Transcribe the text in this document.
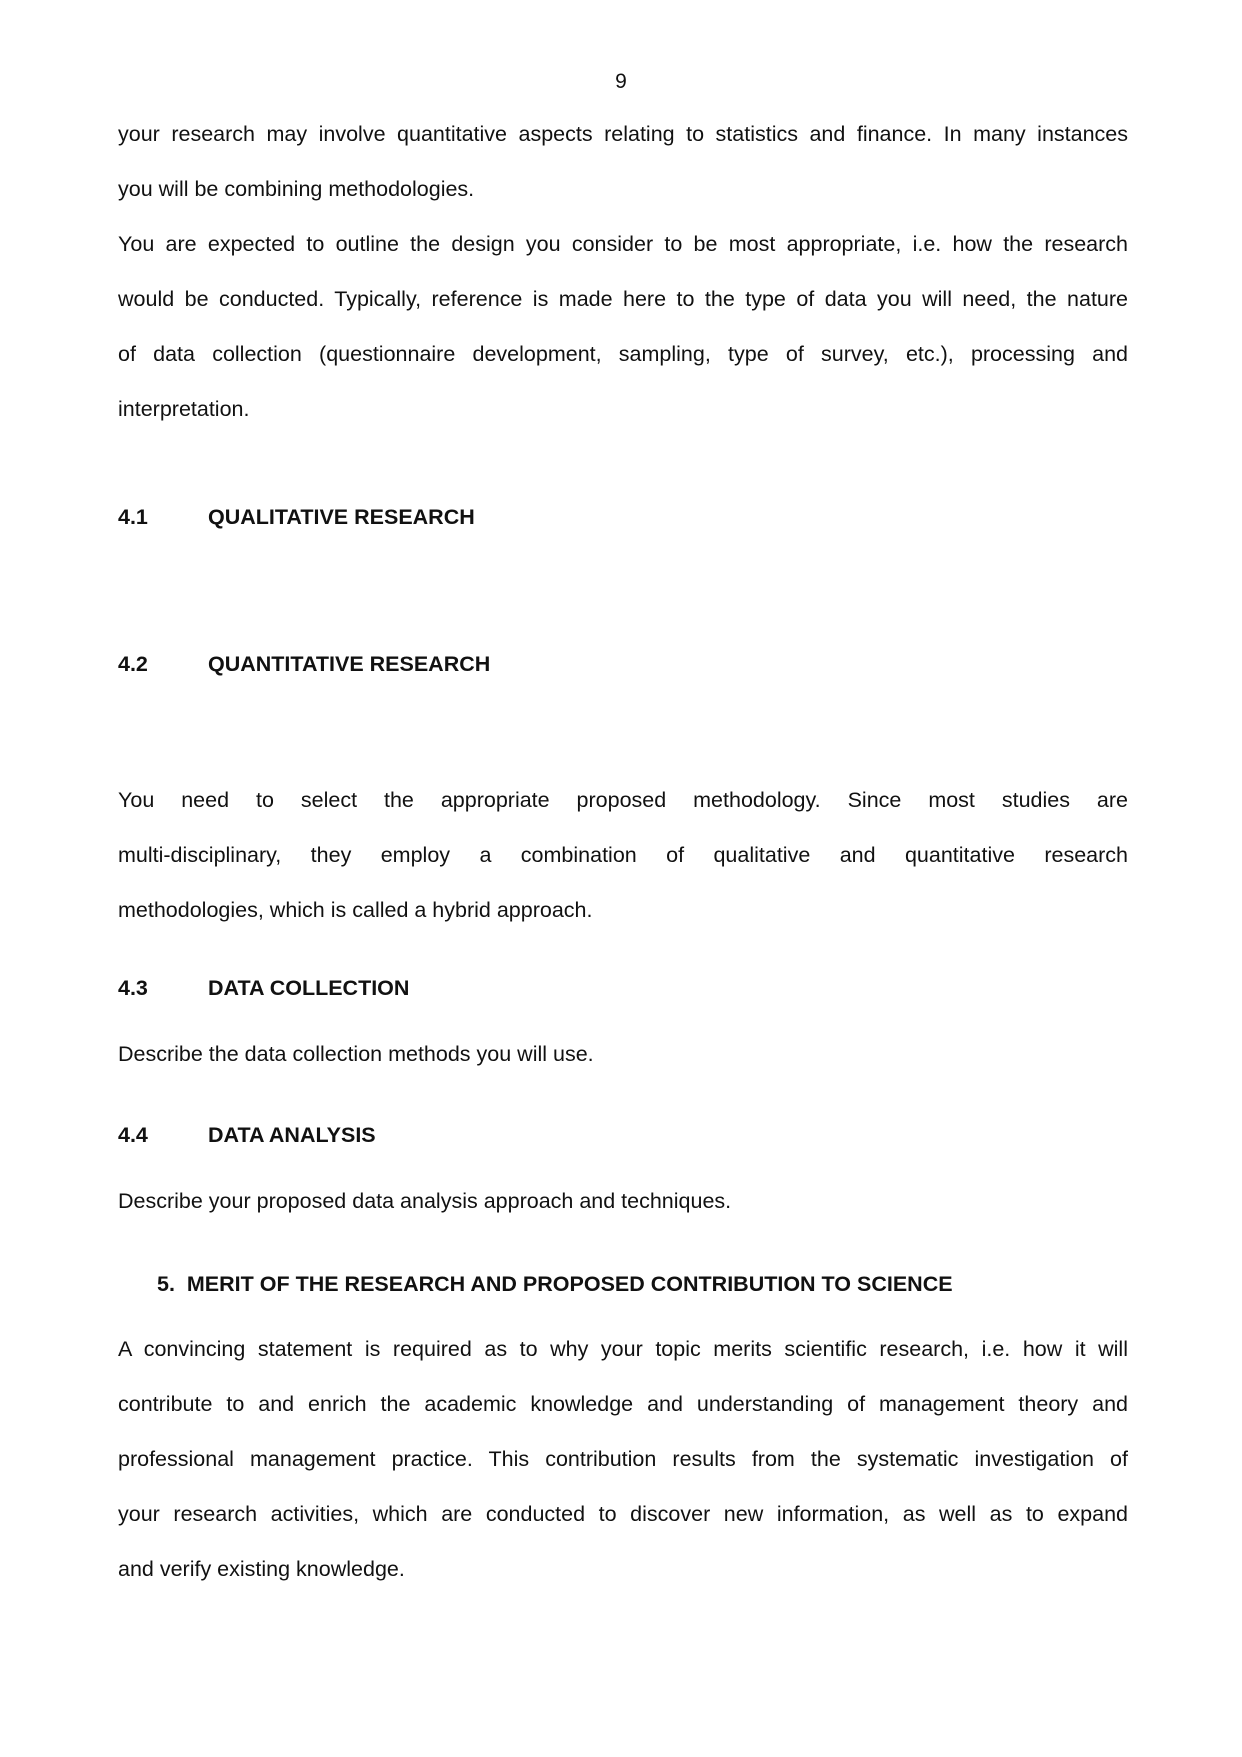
9
your research may involve quantitative aspects relating to statistics and finance. In many instances
you will be combining methodologies.
You are expected to outline the design you consider to be most appropriate, i.e. how the research
would be conducted. Typically, reference is made here to the type of data you will need, the nature
of data collection (questionnaire development, sampling, type of survey, etc.), processing and
interpretation.
4.1	QUALITATIVE RESEARCH
4.2	QUANTITATIVE RESEARCH
You need to select the appropriate proposed methodology. Since most studies are
multi-disciplinary, they employ a combination of qualitative and quantitative research
methodologies, which is called a hybrid approach.
4.3	DATA COLLECTION
Describe the data collection methods you will use.
4.4	DATA ANALYSIS
Describe your proposed data analysis approach and techniques.
5. MERIT OF THE RESEARCH AND PROPOSED CONTRIBUTION TO SCIENCE
A convincing statement is required as to why your topic merits scientific research, i.e. how it will
contribute to and enrich the academic knowledge and understanding of management theory and
professional management practice. This contribution results from the systematic investigation of
your research activities, which are conducted to discover new information, as well as to expand
and verify existing knowledge.
